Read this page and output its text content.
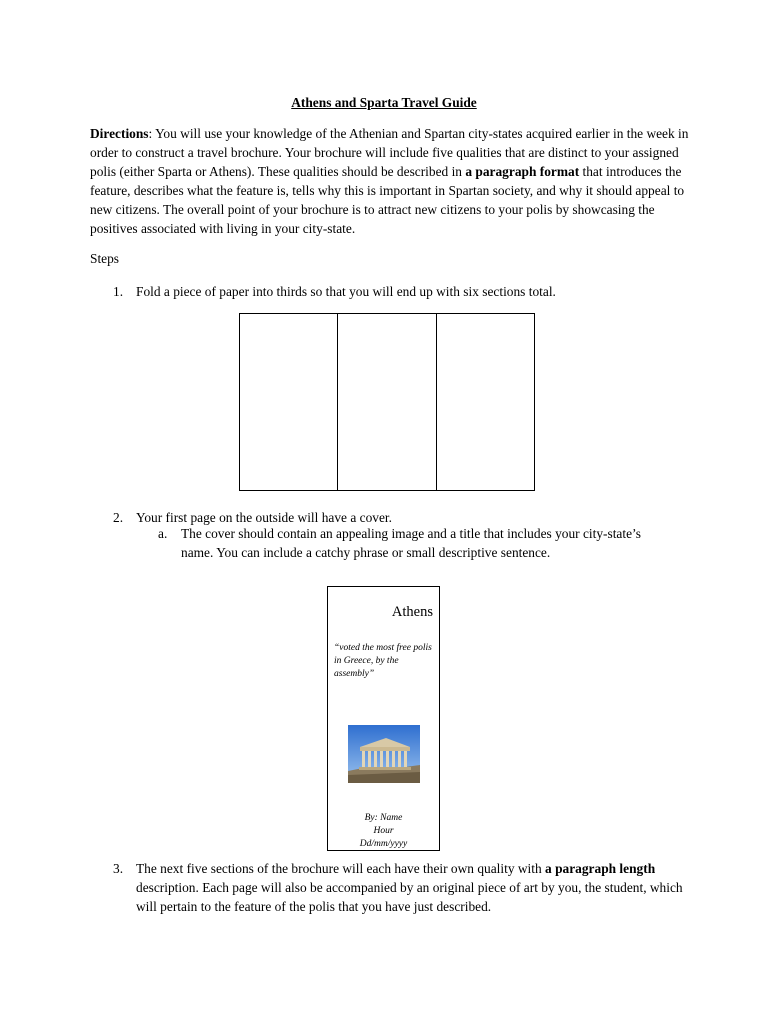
Athens and Sparta Travel Guide
Directions: You will use your knowledge of the Athenian and Spartan city-states acquired earlier in the week in order to construct a travel brochure. Your brochure will include five qualities that are distinct to your assigned polis (either Sparta or Athens). These qualities should be described in a paragraph format that introduces the feature, describes what the feature is, tells why this is important in Spartan society, and why it should appeal to new citizens. The overall point of your brochure is to attract new citizens to your polis by showcasing the positives associated with living in your city-state.
Steps
1. Fold a piece of paper into thirds so that you will end up with six sections total.
2. Your first page on the outside will have a cover.
a. The cover should contain an appealing image and a title that includes your city-state’s name. You can include a catchy phrase or small descriptive sentence.
Athens
“voted the most free polis in Greece, by the assembly”
By: Name
Hour
Dd/mm/yyyy
3. The next five sections of the brochure will each have their own quality with a paragraph length description. Each page will also be accompanied by an original piece of art by you, the student, which will pertain to the feature of the polis that you have just described.
